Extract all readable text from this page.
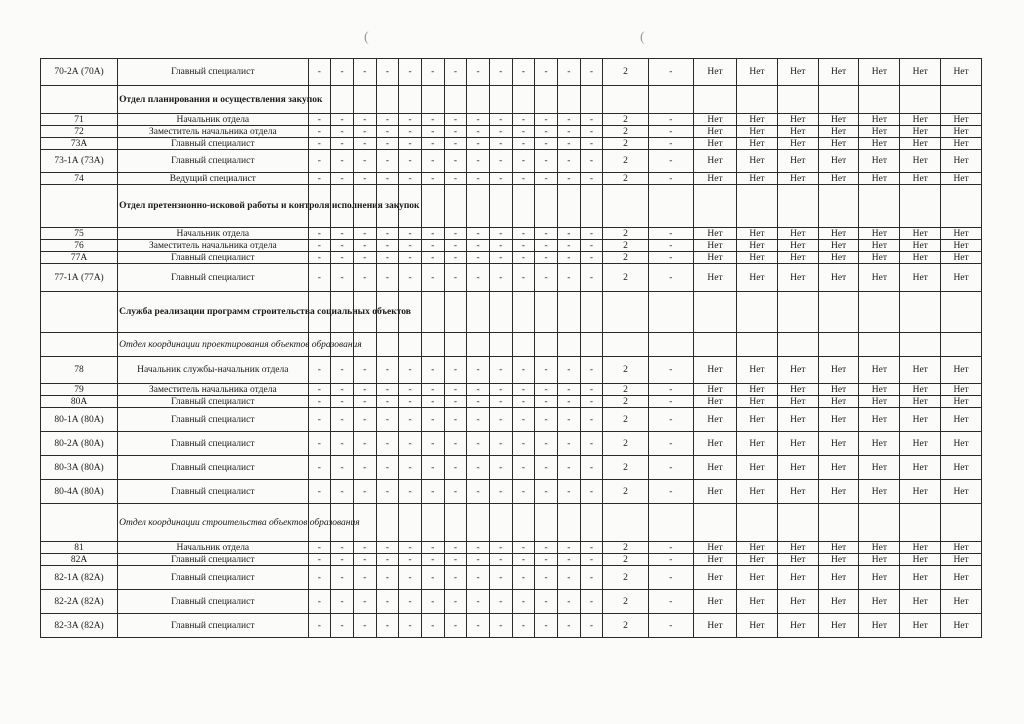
(	(
70-2А (70А)	Главный специалист	-	-	-	-	-	-	-	-	-	-	-	-	-	2	-	Нет	Нет	Нет	Нет	Нет	Нет	Нет
	Отдел планирования и осуществления закупок																						
71	Начальник отдела	-	-	-	-	-	-	-	-	-	-	-	-	-	2	-	Нет	Нет	Нет	Нет	Нет	Нет	Нет
72	Заместитель начальника отдела	-	-	-	-	-	-	-	-	-	-	-	-	-	2	-	Нет	Нет	Нет	Нет	Нет	Нет	Нет
73А	Главный специалист	-	-	-	-	-	-	-	-	-	-	-	-	-	2	-	Нет	Нет	Нет	Нет	Нет	Нет	Нет
73-1А (73А)	Главный специалист	-	-	-	-	-	-	-	-	-	-	-	-	-	2	-	Нет	Нет	Нет	Нет	Нет	Нет	Нет
74	Ведущий специалист	-	-	-	-	-	-	-	-	-	-	-	-	-	2	-	Нет	Нет	Нет	Нет	Нет	Нет	Нет
	Отдел претензионно-исковой работы и контроля исполнения закупок																						
75	Начальник отдела	-	-	-	-	-	-	-	-	-	-	-	-	-	2	-	Нет	Нет	Нет	Нет	Нет	Нет	Нет
76	Заместитель начальника отдела	-	-	-	-	-	-	-	-	-	-	-	-	-	2	-	Нет	Нет	Нет	Нет	Нет	Нет	Нет
77А	Главный специалист	-	-	-	-	-	-	-	-	-	-	-	-	-	2	-	Нет	Нет	Нет	Нет	Нет	Нет	Нет
77-1А (77А)	Главный специалист	-	-	-	-	-	-	-	-	-	-	-	-	-	2	-	Нет	Нет	Нет	Нет	Нет	Нет	Нет
	Служба реализации программ строительства социальных объектов																						
	Отдел координации проектирования объектов образования																						
78	Начальник службы-начальник отдела	-	-	-	-	-	-	-	-	-	-	-	-	-	2	-	Нет	Нет	Нет	Нет	Нет	Нет	Нет
79	Заместитель начальника отдела	-	-	-	-	-	-	-	-	-	-	-	-	-	2	-	Нет	Нет	Нет	Нет	Нет	Нет	Нет
80А	Главный специалист	-	-	-	-	-	-	-	-	-	-	-	-	-	2	-	Нет	Нет	Нет	Нет	Нет	Нет	Нет
80-1А (80А)	Главный специалист	-	-	-	-	-	-	-	-	-	-	-	-	-	2	-	Нет	Нет	Нет	Нет	Нет	Нет	Нет
80-2А (80А)	Главный специалист	-	-	-	-	-	-	-	-	-	-	-	-	-	2	-	Нет	Нет	Нет	Нет	Нет	Нет	Нет
80-3А (80А)	Главный специалист	-	-	-	-	-	-	-	-	-	-	-	-	-	2	-	Нет	Нет	Нет	Нет	Нет	Нет	Нет
80-4А (80А)	Главный специалист	-	-	-	-	-	-	-	-	-	-	-	-	-	2	-	Нет	Нет	Нет	Нет	Нет	Нет	Нет
	Отдел координации строительства объектов образования																						
81	Начальник отдела	-	-	-	-	-	-	-	-	-	-	-	-	-	2	-	Нет	Нет	Нет	Нет	Нет	Нет	Нет
82А	Главный специалист	-	-	-	-	-	-	-	-	-	-	-	-	-	2	-	Нет	Нет	Нет	Нет	Нет	Нет	Нет
82-1А (82А)	Главный специалист	-	-	-	-	-	-	-	-	-	-	-	-	-	2	-	Нет	Нет	Нет	Нет	Нет	Нет	Нет
82-2А (82А)	Главный специалист	-	-	-	-	-	-	-	-	-	-	-	-	-	2	-	Нет	Нет	Нет	Нет	Нет	Нет	Нет
82-3А (82А)	Главный специалист	-	-	-	-	-	-	-	-	-	-	-	-	-	2	-	Нет	Нет	Нет	Нет	Нет	Нет	Нет
